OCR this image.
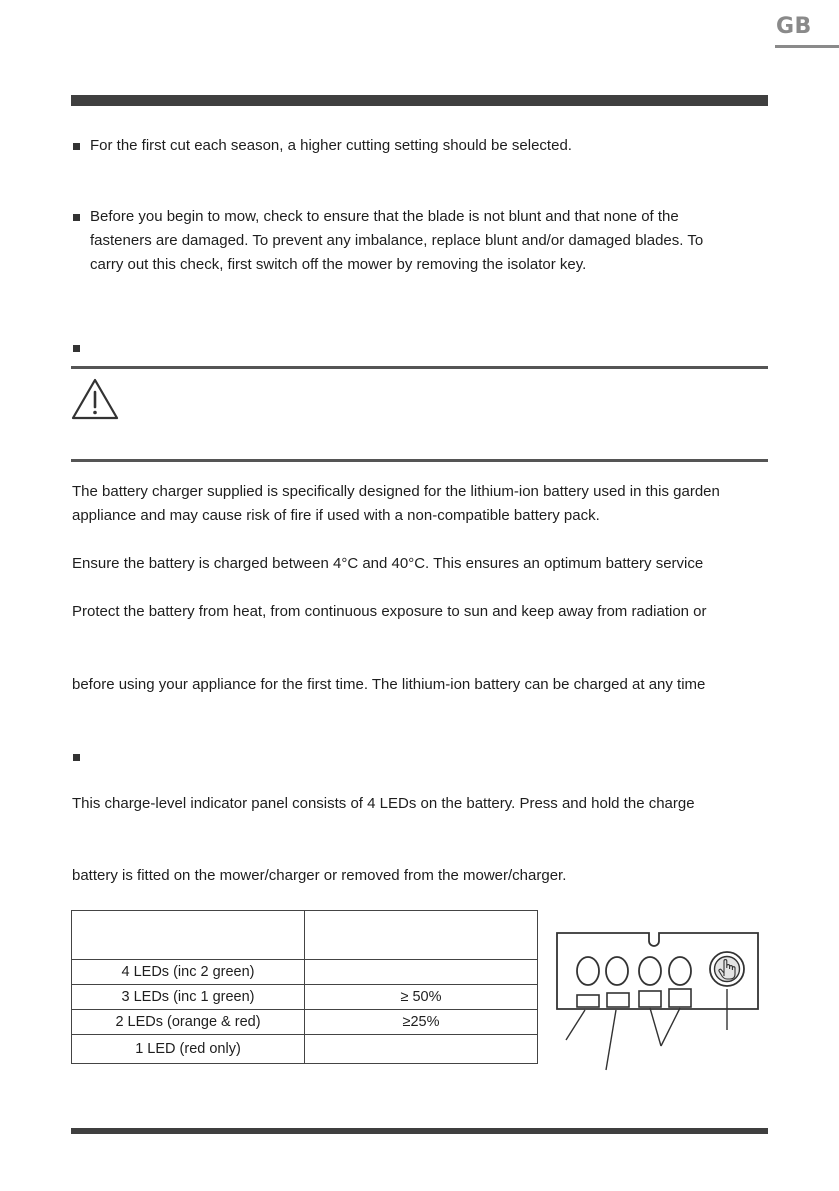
GB
For the first cut each season, a higher cutting setting should be selected.
Before you begin to mow, check to ensure that the blade is not blunt and that none of the
fasteners are damaged. To prevent any imbalance, replace blunt and/or damaged blades. To
carry out this check, first switch off the mower by removing the isolator key.
The battery charger supplied is specifically designed for the lithium-ion battery used in this garden
appliance and may cause risk of fire if used with a non-compatible battery pack.
Ensure the battery is charged between 4°C and 40°C. This ensures an optimum battery service
Protect the battery from heat, from continuous exposure to sun and keep away from radiation or
before using your appliance for the first time. The lithium-ion battery can be charged at any time
This charge-level indicator panel consists of 4 LEDs on the battery. Press and hold the charge
battery is fitted on the mower/charger or removed from the mower/charger.

4 LEDs (inc 2 green)	
3 LEDs (inc 1 green)	≥ 50%
2 LEDs (orange & red)	≥25%
1 LED (red only)	
